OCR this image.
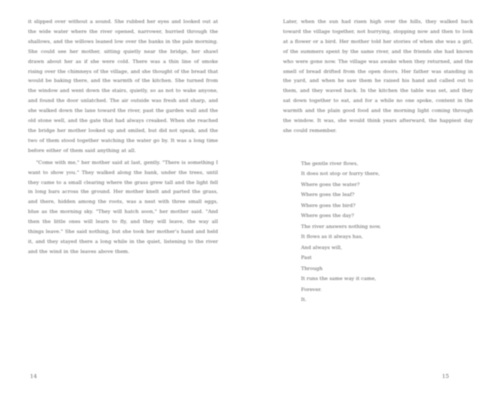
it slipped over without a sound. She rubbed her eyes and looked out at the wide water where the river opened, narrower, hurried through the shallows, and the willows leaned low over the banks in the pale morning. She could see her mother, sitting quietly near the bridge, her shawl drawn about her as if she were cold. There was a thin line of smoke rising over the chimneys of the village, and she thought of the bread that would be baking there, and the warmth of the kitchen. She turned from the window and went down the stairs, quietly, so as not to wake anyone, and found the door unlatched. The air outside was fresh and sharp, and she walked down the lane toward the river, past the garden wall and the old stone well, and the gate that had always creaked. When she reached the bridge her mother looked up and smiled, but did not speak, and the two of them stood together watching the water go by. It was a long time before either of them said anything at all.

"Come with me," her mother said at last, gently. "There is something I want to show you." They walked along the bank, under the trees, until they came to a small clearing where the grass grew tall and the light fell in long bars across the ground. Her mother knelt and parted the grass, and there, hidden among the roots, was a nest with three small eggs, blue as the morning sky. "They will hatch soon," her mother said. "And then the little ones will learn to fly, and they will leave, the way all things leave." She said nothing, but she took her mother's hand and held it, and they stayed there a long while in the quiet, listening to the river and the wind in the leaves above them.

Later, when the sun had risen high over the hills, they walked back toward the village together, not hurrying, stopping now and then to look at a flower or a bird. Her mother told her stories of when she was a girl, of the summers spent by the same river, and the friends she had known who were gone now. The village was awake when they returned, and the smell of bread drifted from the open doors. Her father was standing in the yard, and when he saw them he raised his hand and called out to them, and they waved back. In the kitchen the table was set, and they sat down together to eat, and for a while no one spoke, content in the warmth and the plain good food and the morning light coming through the window. It was, she would think years afterward, the happiest day she could remember.

The gentle river flows,
It does not stop or hurry there,
Where goes the water?
Where goes the leaf?
Where goes the bird?
Where goes the day?
The river answers nothing now,
It flows as it always has,
And always will,
Past
Through
It runs the same way it came,
Forever.
It.
14	15
